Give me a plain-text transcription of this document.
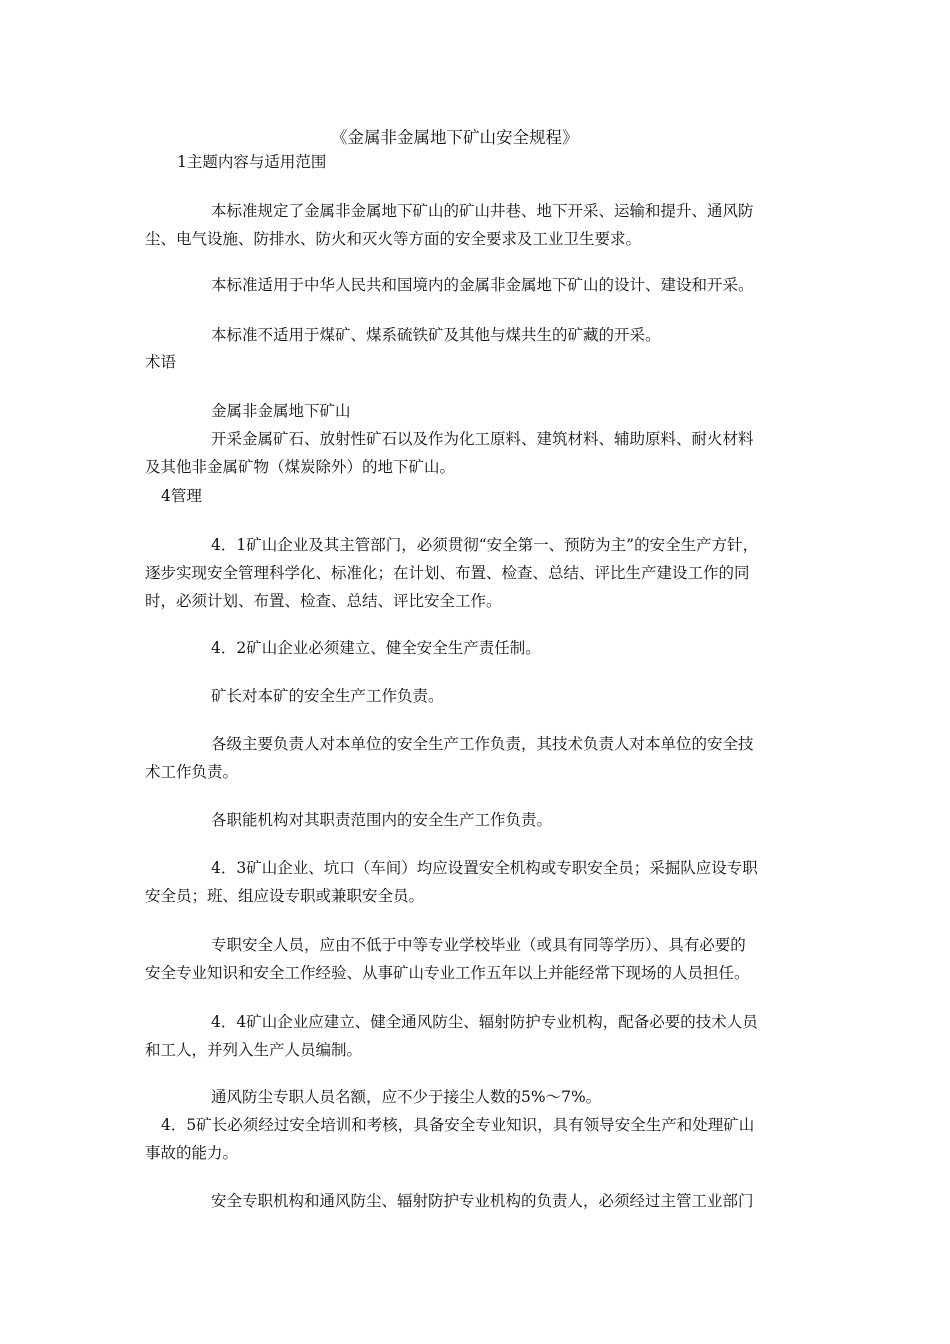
《金属非金属地下矿山安全规程》
1主题内容与适用范围
本标准规定了金属非金属地下矿山的矿山井巷、地下开采、运输和提升、通风防
尘、电气设施、防排水、防火和灭火等方面的安全要求及工业卫生要求。
本标准适用于中华人民共和国境内的金属非金属地下矿山的设计、建设和开采。
本标准不适用于煤矿、煤系硫铁矿及其他与煤共生的矿藏的开采。
术语
金属非金属地下矿山
开采金属矿石、放射性矿石以及作为化工原料、建筑材料、辅助原料、耐火材料
及其他非金属矿物（煤炭除外）的地下矿山。
4管理
4．1矿山企业及其主管部门，必须贯彻“安全第一、预防为主”的安全生产方针，
逐步实现安全管理科学化、标准化；在计划、布置、检查、总结、评比生产建设工作的同
时，必须计划、布置、检查、总结、评比安全工作。
4．2矿山企业必须建立、健全安全生产责任制。
矿长对本矿的安全生产工作负责。
各级主要负责人对本单位的安全生产工作负责，其技术负责人对本单位的安全技
术工作负责。
各职能机构对其职责范围内的安全生产工作负责。
4．3矿山企业、坑口（车间）均应设置安全机构或专职安全员；采掘队应设专职
安全员；班、组应设专职或兼职安全员。
专职安全人员，应由不低于中等专业学校毕业（或具有同等学历）、具有必要的
安全专业知识和安全工作经验、从事矿山专业工作五年以上并能经常下现场的人员担任。
4．4矿山企业应建立、健全通风防尘、辐射防护专业机构，配备必要的技术人员
和工人，并列入生产人员编制。
通风防尘专职人员名额，应不少于接尘人数的5%～7%。
4．5矿长必须经过安全培训和考核，具备安全专业知识，具有领导安全生产和处理矿山
事故的能力。
安全专职机构和通风防尘、辐射防护专业机构的负责人，必须经过主管工业部门
